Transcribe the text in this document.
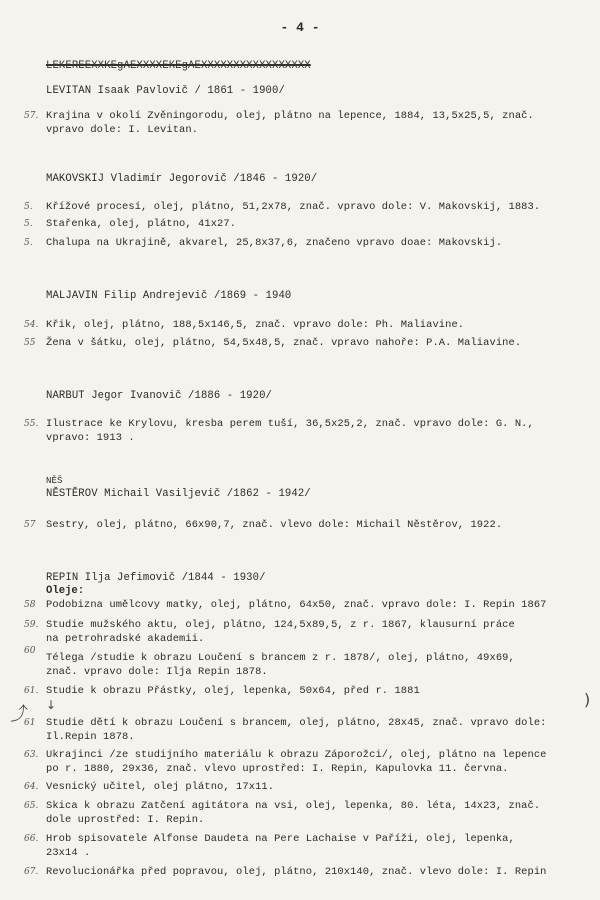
- 4 -
LEKEREEXXKEgAEXXXXEKEgAEXXXXXXXXXXXXXXXXX
LEVITAN Isaak Pavlovič / 1861 - 1900/
57. Krajina v okolí Zvěningorodu, olej, plátno na lepence, 1884, 13,5x25,5, znač.
vpravo dole: I. Levitan.
MAKOVSKIJ Vladimír Jegorovič /1846 - 1920/
5. Křížové procesí, olej, plátno, 51,2x78, znač. vpravo dole: V. Makovskij, 1883.
5. Stařenka, olej, plátno, 41x27.
5. Chalupa na Ukrajině, akvarel, 25,8x37,6, značeno vpravo doae: Makovskij.
MALJAVIN Filip Andrejevič /1869 - 1940
54. Křik, olej, plátno, 188,5x146,5, znač. vpravo dole: Ph. Maliavine.
55 Žena v šátku, olej, plátno, 54,5x48,5, znač. vpravo nahoře: P.A. Maliavine.
NARBUT Jegor Ivanovič /1886 - 1920/
55. Ilustrace ke Krylovu, kresba perem tuší, 36,5x25,2, znač. vpravo dole: G. N.,
vpravo: 1913 .
NĚŠ
NĚSTĚROV Michail Vasiljevič /1862 - 1942/
57 Sestry, olej, plátno, 66x90,7, znač. vlevo dole: Michail Něstěrov, 1922.
REPIN Ilja Jefimovič /1844 - 1930/
Oleje:
58 Podobizna umělcovy matky, olej, plátno, 64x50, znač. vpravo dole: I. Repin 1867
59. Studie mužského aktu, olej, plátno, 124,5x89,5, z r. 1867, klausurní práce
na petrohradské akademii.
60
Télega /studie k obrazu Loučení s brancem z r. 1878/, olej, plátno, 49x69,
znač. vpravo dole: Ilja Repin 1878.
61. Studie k obrazu Přástky, olej, lepenka, 50x64, před r. 1881
↓
⤴
)
61 Studie dětí k obrazu Loučení s brancem, olej, plátno, 28x45, znač. vpravo dole:
Il.Repin 1878.
63. Ukrajinci /ze studijního materiálu k obrazu Záporožci/, olej, plátno na lepence
po r. 1880, 29x36, znač. vlevo uprostřed: I. Repin, Kapulovka 11. června.
64. Vesnický učitel, olej plátno, 17x11.
65. Skica k obrazu Zatčení agitátora na vsi, olej, lepenka, 80. léta, 14x23, znač.
dole uprostřed: I. Repin.
66. Hrob spisovatele Alfonse Daudeta na Pere Lachaise v Paříži, olej, lepenka,
23x14 .
67. Revolucionářka před popravou, olej, plátno, 210x140, znač. vlevo dole: I. Repin
